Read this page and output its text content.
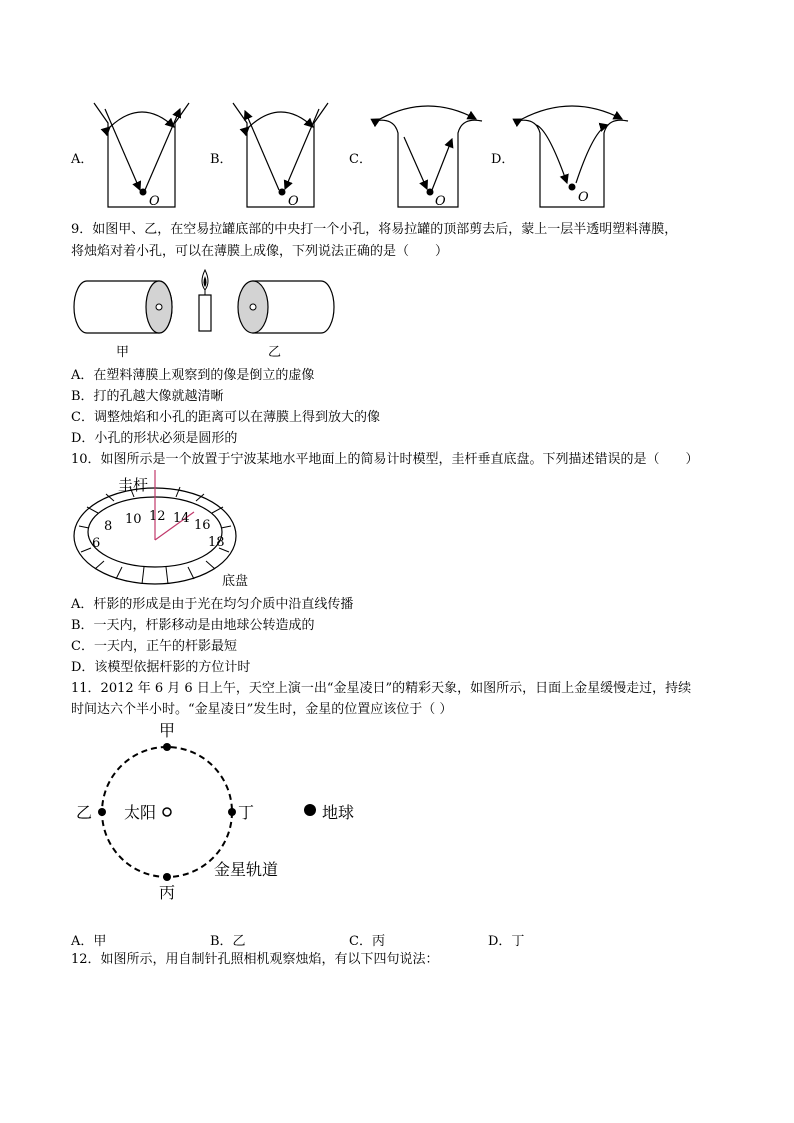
A．
O
B．
O
C．
O
D．
O
9．如图甲、乙，在空易拉罐底部的中央打一个小孔，将易拉罐的顶部剪去后，蒙上一层半透明塑料薄膜，
将烛焰对着小孔，可以在薄膜上成像，下列说法正确的是（　　）
甲	乙
A．在塑料薄膜上观察到的像是倒立的虚像
B．打的孔越大像就越清晰
C．调整烛焰和小孔的距离可以在薄膜上得到放大的像
D．小孔的形状必须是圆形的
10．如图所示是一个放置于宁波某地水平地面上的简易计时模型，圭杆垂直底盘。下列描述错误的是（　　）
6
8 10 12 14 16
18
圭杆
底盘
A．杆影的形成是由于光在均匀介质中沿直线传播
B．一天内，杆影移动是由地球公转造成的
C．一天内，正午的杆影最短
D．该模型依据杆影的方位计时
11．2012 年 6 月 6 日上午，天空上演一出“金星凌日”的精彩天象，如图所示，日面上金星缓慢走过，持续
时间达六个半小时。“金星凌日”发生时，金星的位置应该位于（ ）
甲
乙	丁
丙
太阳	地球
金星轨道
A．甲	B．乙	C．丙	D．丁
12．如图所示，用自制针孔照相机观察烛焰，有以下四句说法：
